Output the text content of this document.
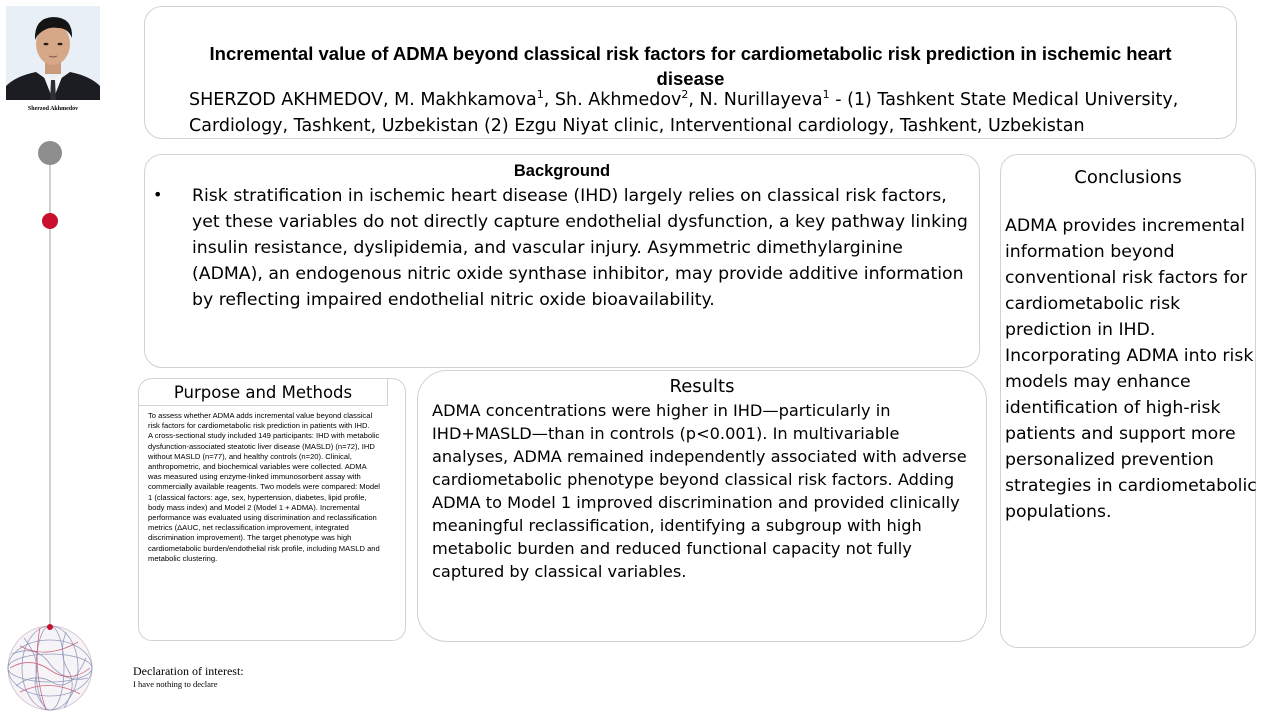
Sherzod Akhmedov
Incremental value of ADMA beyond classical risk factors for cardiometabolic risk prediction in ischemic heart disease

SHERZOD AKHMEDOV, M. Makhkamova$^1$, Sh. Akhmedov$^2$, N. Nurillayeva$^1$ - (1) Tashkent State Medical University,
Cardiology, Tashkent, Uzbekistan (2) Ezgu Niyat clinic, Interventional cardiology, Tashkent, Uzbekistan

Background
• Risk stratification in ischemic heart disease (IHD) largely relies on classical risk factors, yet these variables do not directly capture endothelial dysfunction, a key pathway linking insulin resistance, dyslipidemia, and vascular injury. Asymmetric dimethylarginine (ADMA), an endogenous nitric oxide synthase inhibitor, may provide additive information by reflecting impaired endothelial nitric oxide bioavailability.

Conclusions

ADMA provides incremental information beyond conventional risk factors for cardiometabolic risk prediction in IHD. Incorporating ADMA into risk models may enhance identification of high-risk patients and support more personalized prevention strategies in cardiometabolic populations.

Purpose and Methods
To assess whether ADMA adds incremental value beyond classical risk factors for cardiometabolic risk prediction in patients with IHD.
A cross-sectional study included 149 participants: IHD with metabolic dysfunction-associated steatotic liver disease (MASLD) (n=72), IHD without MASLD (n=77), and healthy controls (n=20). Clinical, anthropometric, and biochemical variables were collected. ADMA was measured using enzyme-linked immunosorbent assay with commercially available reagents. Two models were compared: Model 1 (classical factors: age, sex, hypertension, diabetes, lipid profile, body mass index) and Model 2 (Model 1 + ADMA). Incremental performance was evaluated using discrimination and reclassification metrics (ΔAUC, net reclassification improvement, integrated discrimination improvement). The target phenotype was high cardiometabolic burden/endothelial risk profile, including MASLD and metabolic clustering.
Results

ADMA concentrations were higher in IHD—particularly in IHD+MASLD—than in controls (p<0.001). In multivariable analyses, ADMA remained independently associated with adverse cardiometabolic phenotype beyond classical risk factors. Adding ADMA to Model 1 improved discrimination and provided clinically meaningful reclassification, identifying a subgroup with high metabolic burden and reduced functional capacity not fully captured by classical variables.

Declaration of interest:

I have nothing to declare
